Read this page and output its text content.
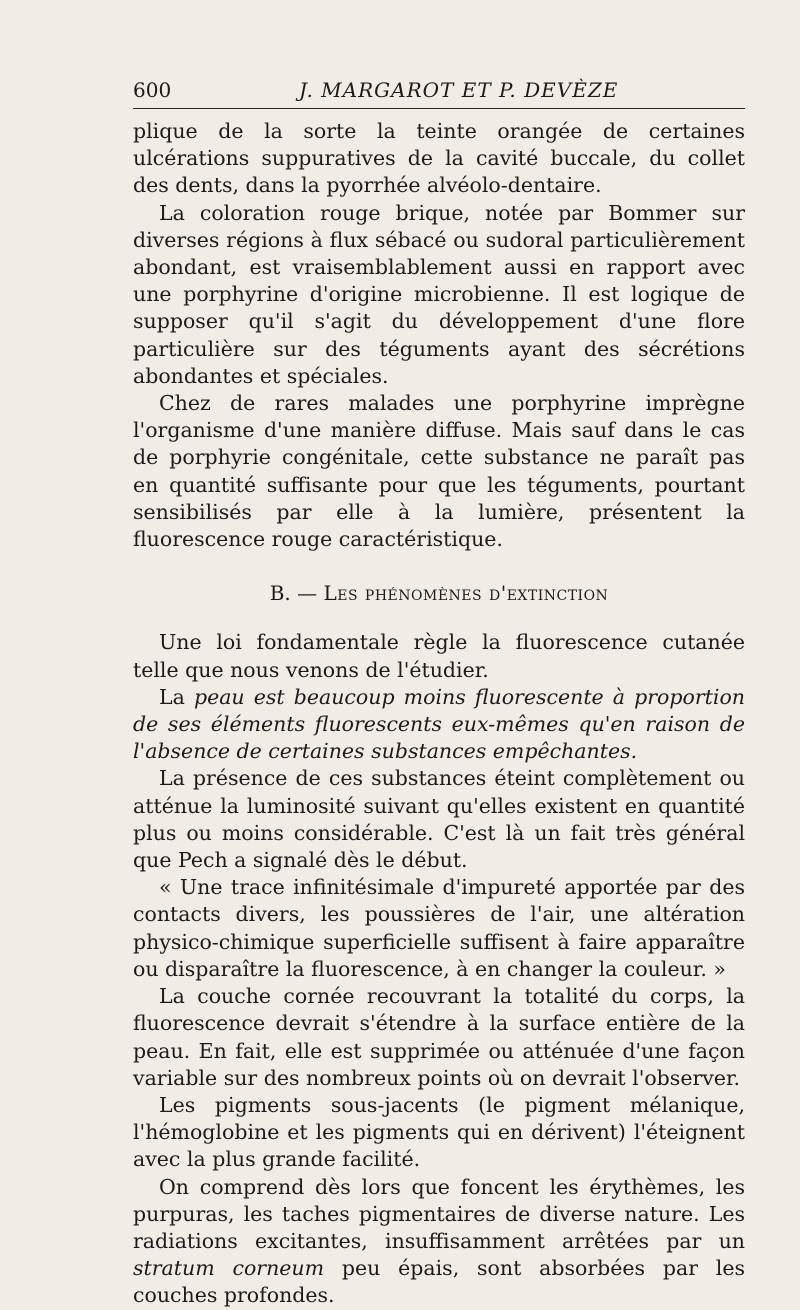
600	J. MARGAROT ET P. DEVÈZE

plique de la sorte la teinte orangée de certaines ulcérations suppuratives de la cavité buccale, du collet des dents, dans la pyorrhée alvéolo-dentaire.

La coloration rouge brique, notée par Bommer sur diverses régions à flux sébacé ou sudoral particulièrement abondant, est vraisemblablement aussi en rapport avec une porphyrine d'origine microbienne. Il est logique de supposer qu'il s'agit du développement d'une flore particulière sur des téguments ayant des sécrétions abondantes et spéciales.

Chez de rares malades une porphyrine imprègne l'organisme d'une manière diffuse. Mais sauf dans le cas de porphyrie congénitale, cette substance ne paraît pas en quantité suffisante pour que les téguments, pourtant sensibilisés par elle à la lumière, présentent la fluorescence rouge caractéristique.

B. — Les phénomènes d'extinction

Une loi fondamentale règle la fluorescence cutanée telle que nous venons de l'étudier.

La peau est beaucoup moins fluorescente à proportion de ses éléments fluorescents eux-mêmes qu'en raison de l'absence de certaines substances empêchantes.

La présence de ces substances éteint complètement ou atténue la luminosité suivant qu'elles existent en quantité plus ou moins considérable. C'est là un fait très général que Pech a signalé dès le début.

« Une trace infinitésimale d'impureté apportée par des contacts divers, les poussières de l'air, une altération physico-chimique superficielle suffisent à faire apparaître ou disparaître la fluorescence, à en changer la couleur. »

La couche cornée recouvrant la totalité du corps, la fluorescence devrait s'étendre à la surface entière de la peau. En fait, elle est supprimée ou atténuée d'une façon variable sur des nombreux points où on devrait l'observer.

Les pigments sous-jacents (le pigment mélanique, l'hémoglobine et les pigments qui en dérivent) l'éteignent avec la plus grande facilité.

On comprend dès lors que foncent les érythèmes, les purpuras, les taches pigmentaires de diverse nature. Les radiations excitantes, insuffisamment arrêtées par un stratum corneum peu épais, sont absorbées par les couches profondes.
